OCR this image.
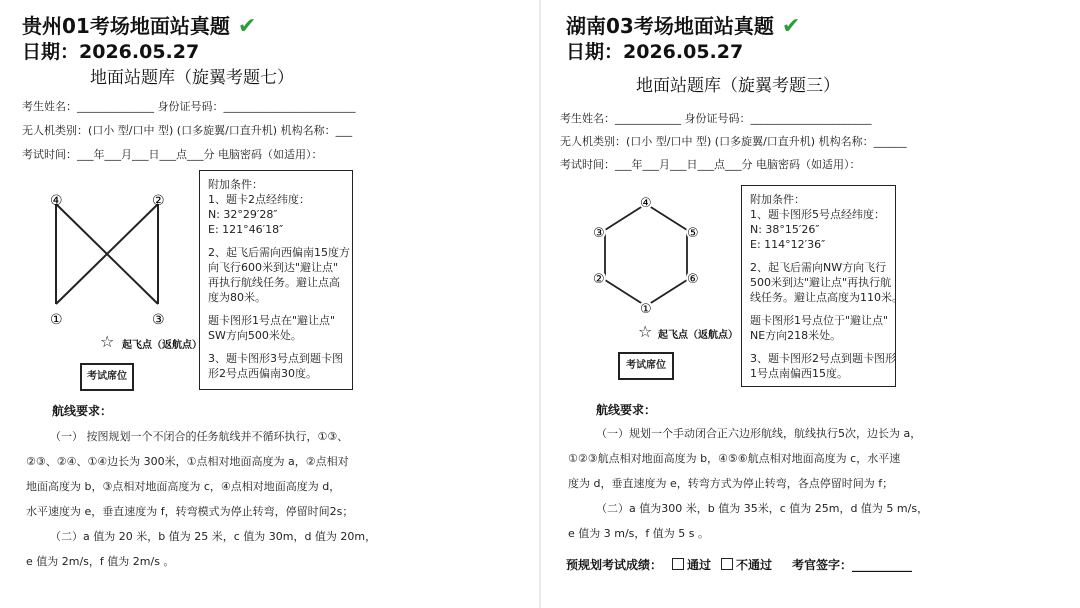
贵州01考场地面站真题 ✔
日期：2026.05.27
地面站题库（旋翼考题七）
考生姓名：______________ 身份证号码：________________________
无人机类别：(口小 型/口中 型) (口多旋翼/口直升机) 机构名称：___
考试时间：___年___月___日___点___分 电脑密码（如适用）：
④	②
①	③
☆ 起飞点（返航点）
考试席位
附加条件：
1、题卡2点经纬度：
N: 32°29′28″
E: 121°46′18″
2、起飞后需向西偏南15度方
向飞行600米到达"避让点"
再执行航线任务。避让点高
度为80米。
题卡图形1号点在"避让点"
SW方向500米处。
3、题卡图形3号点到题卡图
形2号点西偏南30度。
航线要求：
（一） 按图规划一个不闭合的任务航线并不循环执行，①③、
②③、②④、①④边长为 300米，①点相对地面高度为 a，②点相对
地面高度为 b，③点相对地面高度为 c，④点相对地面高度为 d，
水平速度为 e，垂直速度为 f，转弯模式为停止转弯，停留时间2s；
（二）a 值为 20 米，b 值为 25 米，c 值为 30m，d 值为 20m，
e 值为 2m/s，f 值为 2m/s 。
湖南03考场地面站真题 ✔
日期：2026.05.27
地面站题库（旋翼考题三）
考生姓名：____________ 身份证号码：______________________
无人机类别：(口小 型/口中 型) (口多旋翼/口直升机) 机构名称：______
考试时间：___年___月___日___点___分 电脑密码（如适用）：
④
③	⑤
②	⑥
①
☆ 起飞点（返航点）
考试席位
附加条件：
1、题卡图形5号点经纬度：
N: 38°15′26″
E: 114°12′36″
2、起飞后需向NW方向飞行
500米到达"避让点"再执行航
线任务。避让点高度为110米。
题卡图形1号点位于"避让点"
NE方向218米处。
3、题卡图形2号点到题卡图形
1号点南偏西15度。
航线要求：
（一）规划一个手动闭合正六边形航线，航线执行5次，边长为 a，
①②③航点相对地面高度为 b，④⑤⑥航点相对地面高度为 c，水平速
度为 d，垂直速度为 e，转弯方式为停止转弯，各点停留时间为 f；
（二）a 值为300 米，b 值为 35米，c 值为 25m，d 值为 5 m/s，
e 值为 3 m/s，f 值为 5 s 。
预规划考试成绩： 通过 不通过 考官签字：__________
